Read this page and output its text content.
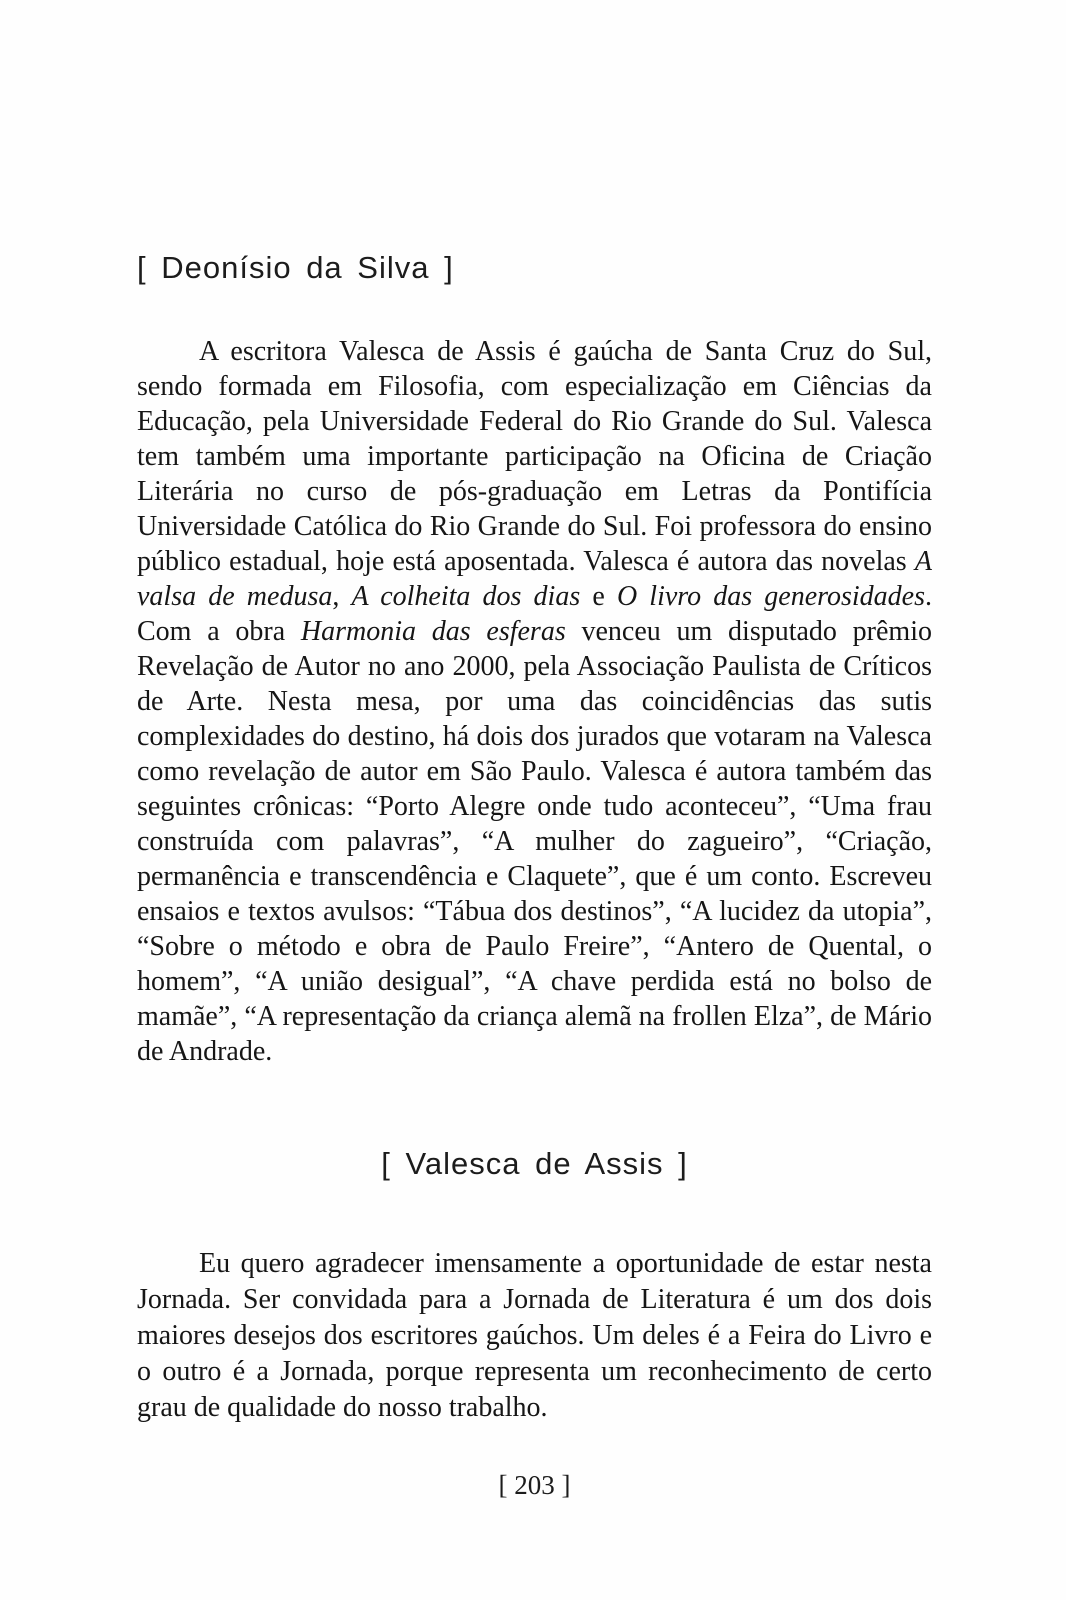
[ Deonísio da Silva ]

A escritora Valesca de Assis é gaúcha de Santa Cruz do Sul, sendo formada em Filosofia, com especialização em Ciências da Educação, pela Universidade Federal do Rio Grande do Sul. Valesca tem também uma importante participação na Oficina de Criação Literária no curso de pós-graduação em Letras da Pontifícia Universidade Católica do Rio Grande do Sul. Foi professora do ensino público estadual, hoje está aposentada. Valesca é autora das novelas A valsa de medusa, A colheita dos dias e O livro das generosidades. Com a obra Harmonia das esferas venceu um disputado prêmio Revelação de Autor no ano 2000, pela Associação Paulista de Críticos de Arte. Nesta mesa, por uma das coincidências das sutis complexidades do destino, há dois dos jurados que votaram na Valesca como revelação de autor em São Paulo. Valesca é autora também das seguintes crônicas: “Porto Alegre onde tudo aconteceu”, “Uma frau construída com palavras”, “A mulher do zagueiro”, “Criação, permanência e transcendência e Claquete”, que é um conto. Escreveu ensaios e textos avulsos: “Tábua dos destinos”, “A lucidez da utopia”, “Sobre o método e obra de Paulo Freire”, “Antero de Quental, o homem”, “A união desigual”, “A chave perdida está no bolso de mamãe”, “A representação da criança alemã na frollen Elza”, de Mário de Andrade.

[ Valesca de Assis ]

Eu quero agradecer imensamente a oportunidade de estar nesta Jornada. Ser convidada para a Jornada de Literatura é um dos dois maiores desejos dos escritores gaúchos. Um deles é a Feira do Livro e o outro é a Jornada, porque representa um reconhecimento de certo grau de qualidade do nosso trabalho.

[ 203 ]
